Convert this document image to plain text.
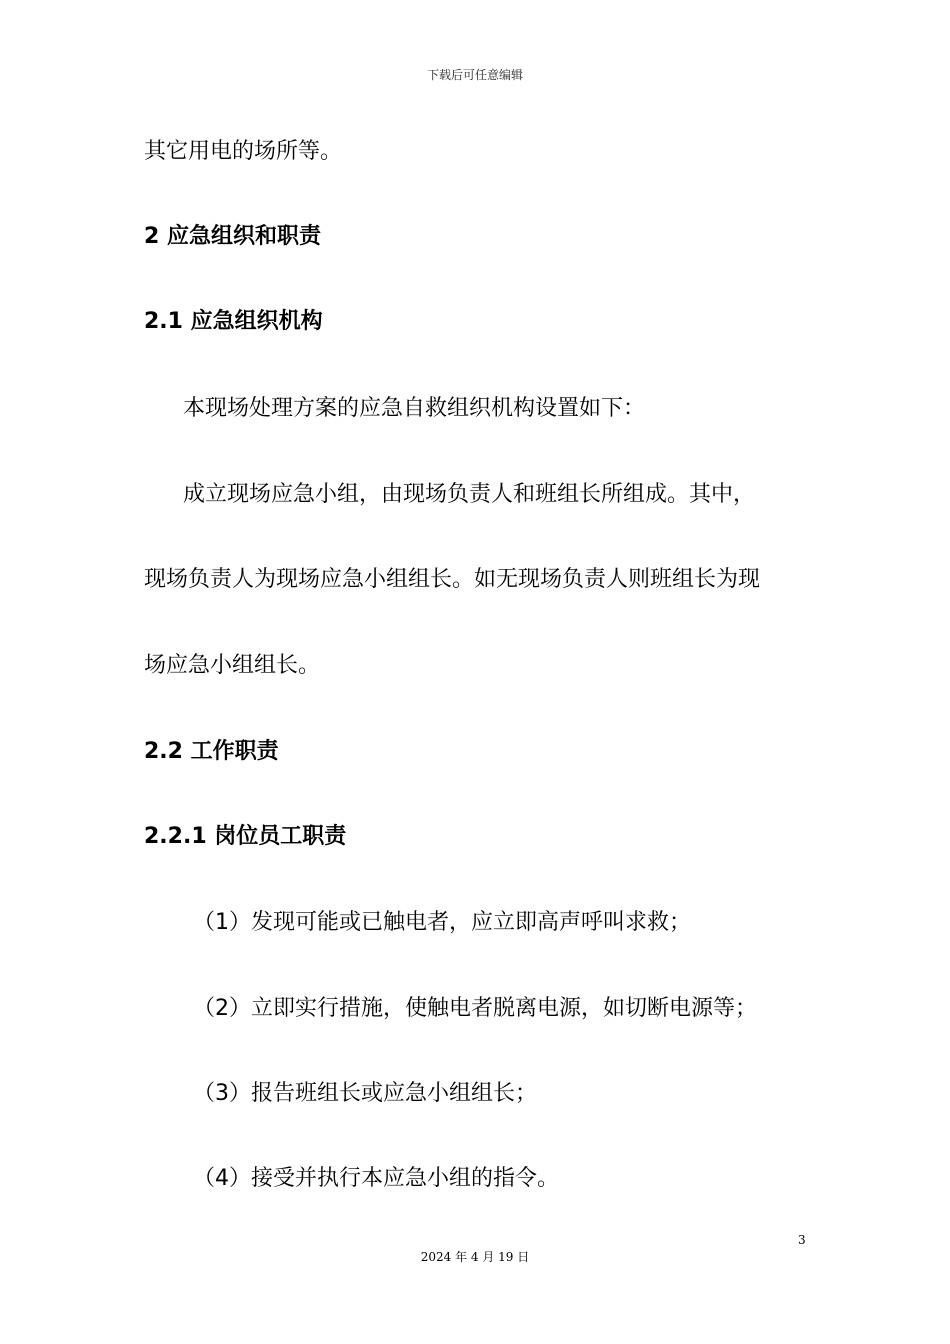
下载后可任意编辑
其它用电的场所等。
2 应急组织和职责
2.1 应急组织机构
本现场处理方案的应急自救组织机构设置如下：
成立现场应急小组，由现场负责人和班组长所组成。其中，
现场负责人为现场应急小组组长。如无现场负责人则班组长为现
场应急小组组长。
2.2 工作职责
2.2.1 岗位员工职责
（1）发现可能或已触电者，应立即高声呼叫求救；
（2）立即实行措施，使触电者脱离电源，如切断电源等；
（3）报告班组长或应急小组组长；
（4）接受并执行本应急小组的指令。
3
2024 年 4 月 19 日
